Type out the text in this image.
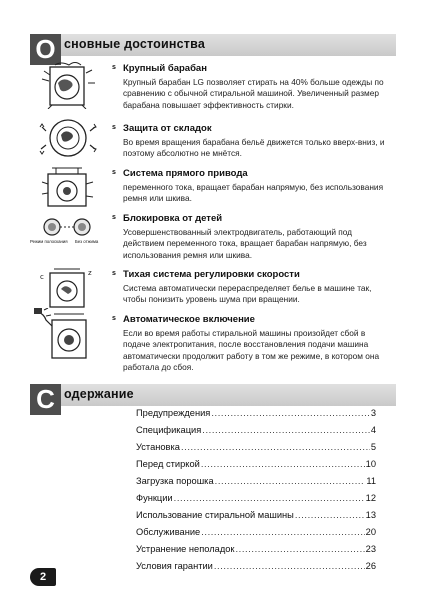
О сновные достоинства
s Крупный барабан
Крупный барабан LG позволяет стирать на 40% больше одежды по сравнению с обычной стиральной машиной. Увеличенный размер барабана повышает эффективность стирки.
s Защита от складок
Во время вращения барабана бельё движется только вверх-вниз, и поэтому абсолютно не мнётся.
s Система прямого привода
переменного тока, вращает барабан напрямую, без использования ремня или шкива.
Режим полоскания Без отжима
s Блокировка от детей
Усовершенствованный электродвигатель, работающий под действием переменного тока, вращает барабан напрямую, без использования ремня или шкива.
c	z	s Тихая система регулировки скорости
Система автоматически перераспределяет белье в машине так, чтобы понизить уровень шума при вращении.
s Автоматическое включение
Если во время работы стиральной машины произойдет сбой в подаче электропитания, после восстановления подачи машина автоматически продолжит работу в том же режиме, в котором она работала до сбоя.
С одержание
Предупреждения .....	3
Спецификация .....	4
Установка .....	5
Перед стиркой .....	10
Загрузка порошка .....	11
Функции .....	12
Использование стиральной машины .....	13
Обслуживание .....	20
Устранение неполадок .....	23
Условия гарантии .....	26
2
